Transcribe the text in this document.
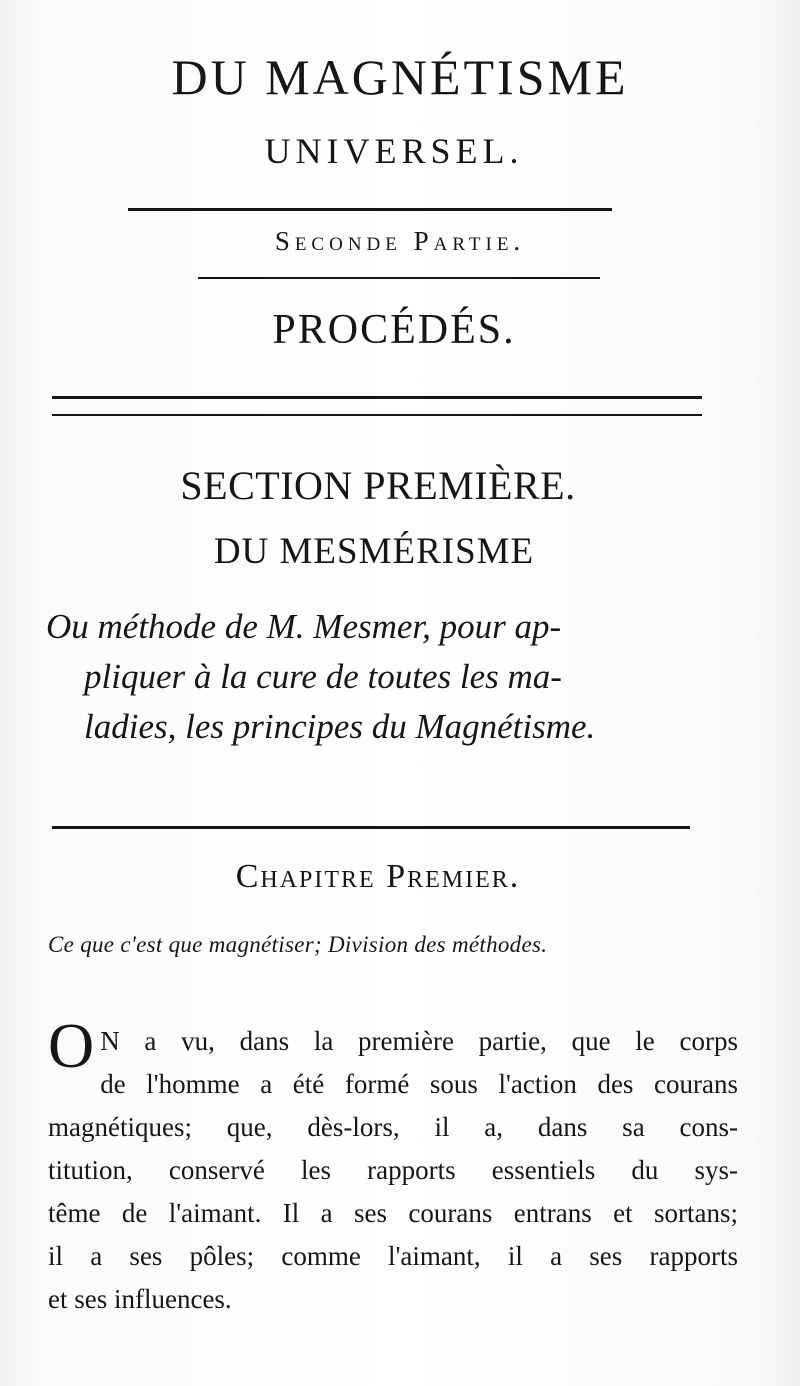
DU MAGNÉTISME
UNIVERSEL.
Seconde Partie.
PROCÉDÉS.
SECTION PREMIÈRE.
DU MESMÉRISME
Ou méthode de M. Mesmer, pour ap-
pliquer à la cure de toutes les ma-
ladies, les principes du Magnétisme.
Chapitre Premier.
Ce que c'est que magnétiser; Division des méthodes.
O N a vu, dans la première partie, que le corps
de l'homme a été formé sous l'action des courans
magnétiques; que, dès-lors, il a, dans sa cons-
titution, conservé les rapports essentiels du sys-
tême de l'aimant. Il a ses courans entrans et sortans;
il a ses pôles; comme l'aimant, il a ses rapports
et ses influences.
